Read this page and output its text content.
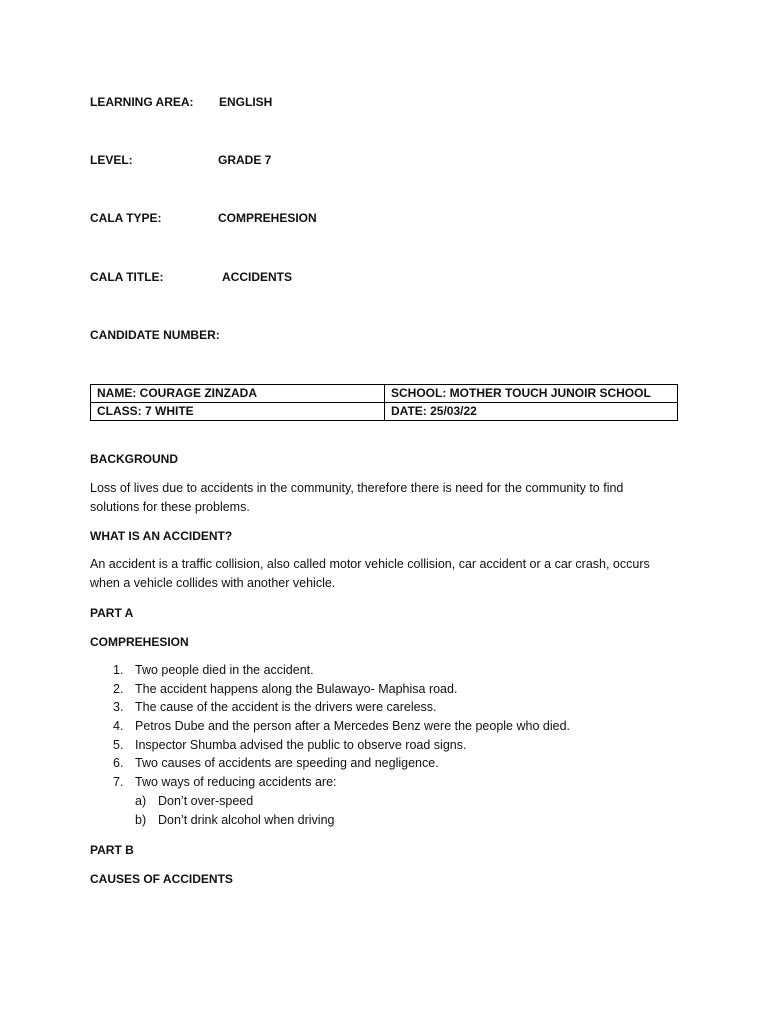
LEARNING AREA: ENGLISH
LEVEL:	GRADE 7
CALA TYPE:	COMPREHESION
CALA TITLE:	ACCIDENTS
CANDIDATE NUMBER:
NAME: COURAGE ZINZADA	SCHOOL: MOTHER TOUCH JUNOIR SCHOOL
CLASS: 7 WHITE	DATE: 25/03/22
BACKGROUND
Loss of lives due to accidents in the community, therefore there is need for the community to find solutions for these problems.
WHAT IS AN ACCIDENT?
An accident is a traffic collision, also called motor vehicle collision, car accident or a car crash, occurs when a vehicle collides with another vehicle.
PART A
COMPREHESION
1. Two people died in the accident.
2. The accident happens along the Bulawayo- Maphisa road.
3. The cause of the accident is the drivers were careless.
4. Petros Dube and the person after a Mercedes Benz were the people who died.
5. Inspector Shumba advised the public to observe road signs.
6. Two causes of accidents are speeding and negligence.
7. Two ways of reducing accidents are:
a) Don’t over-speed
b) Don’t drink alcohol when driving
PART B
CAUSES OF ACCIDENTS
